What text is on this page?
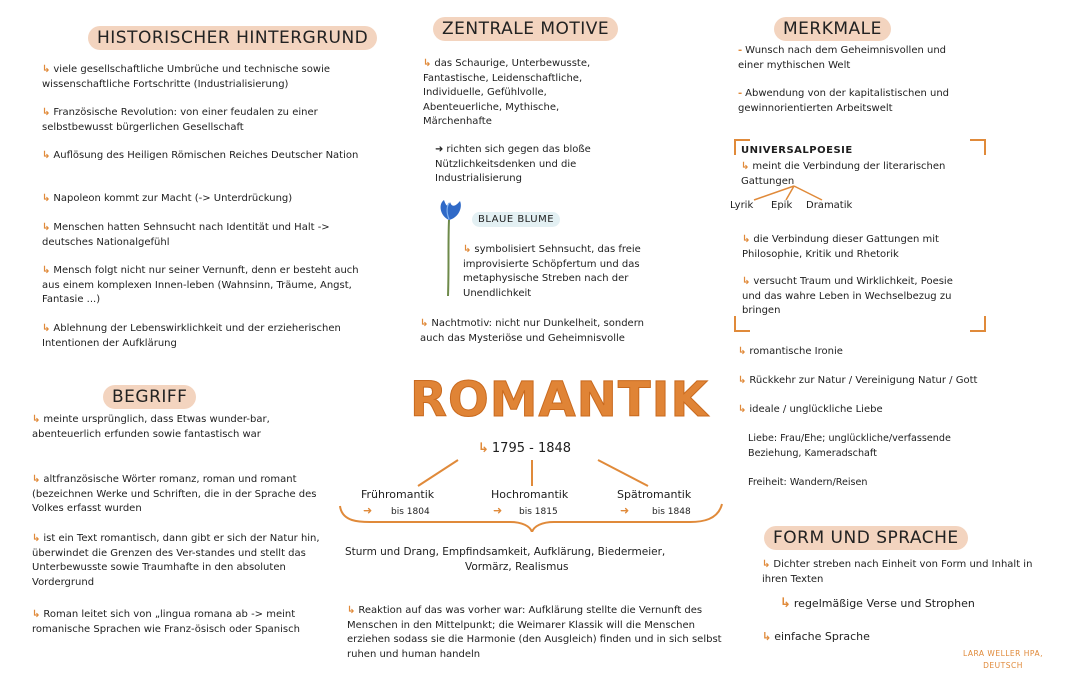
HISTORISCHER HINTERGRUND
↳ viele gesellschaftliche Umbrüche und technische sowie wissenschaftliche Fortschritte (Industrialisierung)
↳ Französische Revolution: von einer feudalen zu einer selbstbewusst bürgerlichen Gesellschaft
↳ Auflösung des Heiligen Römischen Reiches Deutscher Nation
↳ Napoleon kommt zur Macht (-> Unterdrückung)
↳ Menschen hatten Sehnsucht nach Identität und Halt -> deutsches Nationalgefühl
↳ Mensch folgt nicht nur seiner Vernunft, denn er besteht auch aus einem komplexen Innen-leben (Wahnsinn, Träume, Angst, Fantasie ...)
↳ Ablehnung der Lebenswirklichkeit und der erzieherischen Intentionen der Aufklärung
BEGRIFF
↳ meinte ursprünglich, dass Etwas wunder-bar, abenteuerlich erfunden sowie fantastisch war
↳ altfranzösische Wörter romanz, roman und romant (bezeichnen Werke und Schriften, die in der Sprache des Volkes erfasst wurden
↳ ist ein Text romantisch, dann gibt er sich der Natur hin, überwindet die Grenzen des Ver-standes und stellt das Unterbewusste sowie Traumhafte in den absoluten Vordergrund
↳ Roman leitet sich von „lingua romana ab -> meint romanische Sprachen wie Franz-ösisch oder Spanisch
ZENTRALE MOTIVE
↳ das Schaurige, Unterbewusste, Fantastische, Leidenschaftliche, Individuelle, Gefühlvolle, Abenteuerliche, Mythische, Märchenhafte
➜ richten sich gegen das bloße Nützlichkeitsdenken und die Industrialisierung
BLAUE BLUME
↳ symbolisiert Sehnsucht, das freie improvisierte Schöpfertum und das metaphysische Streben nach der Unendlichkeit
↳ Nachtmotiv: nicht nur Dunkelheit, sondern auch das Mysteriöse und Geheimnisvolle
ROMANTIK
↳ 1795 - 1848
Frühromantik
➜ bis 1804
Hochromantik
➜ bis 1815
Spätromantik
➜	bis 1848
Sturm und Drang, Empfindsamkeit, Aufklärung, Biedermeier,
Vormärz, Realismus
↳ Reaktion auf das was vorher war: Aufklärung stellte die Vernunft des Menschen in den Mittelpunkt; die Weimarer Klassik will die Menschen erziehen sodass sie die Harmonie (den Ausgleich) finden und in sich selbst ruhen und human handeln
MERKMALE
- Wunsch nach dem Geheimnisvollen und einer mythischen Welt
- Abwendung von der kapitalistischen und gewinnorientierten Arbeitswelt
UNIVERSALPOESIE
↳ meint die Verbindung der literarischen Gattungen
Lyrik Epik Dramatik
↳ die Verbindung dieser Gattungen mit Philosophie, Kritik und Rhetorik
↳ versucht Traum und Wirklichkeit, Poesie und das wahre Leben in Wechselbezug zu bringen
↳ romantische Ironie
↳ Rückkehr zur Natur / Vereinigung Natur / Gott
↳ ideale / unglückliche Liebe
Liebe: Frau/Ehe; unglückliche/verfassende Beziehung, Kameradschaft
Freiheit: Wandern/Reisen
FORM UND SPRACHE
↳ Dichter streben nach Einheit von Form und Inhalt in ihren Texten
↳ regelmäßige Verse und Strophen
↳ einfache Sprache
LARA WELLER HPA,
DEUTSCH
